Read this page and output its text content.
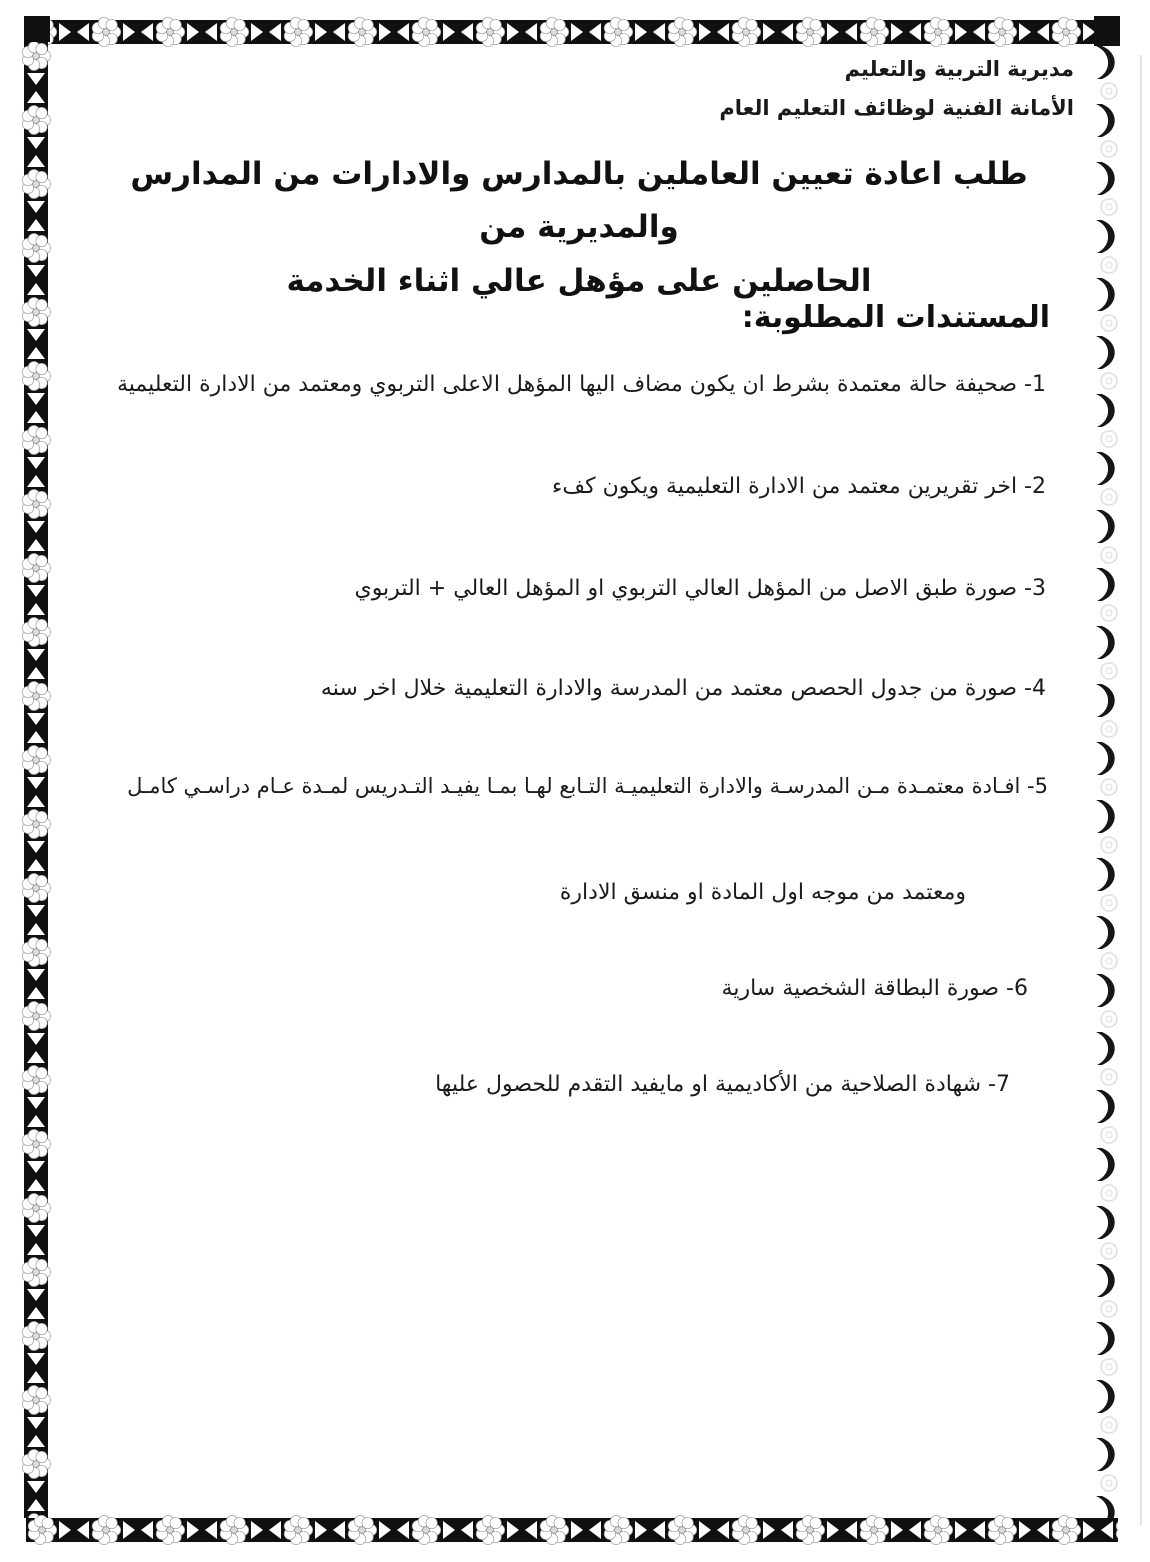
مديرية التربية والتعليم
الأمانة الفنية لوظائف التعليم العام
طلب اعادة تعيين العاملين بالمدارس والادارات من المدارس والمديرية من
الحاصلين على مؤهل عالي اثناء الخدمة
المستندات المطلوبة:
1- صحيفة حالة معتمدة بشرط ان يكون مضاف اليها المؤهل الاعلى التربوي ومعتمد من الادارة التعليمية
2- اخر تقريرين معتمد من الادارة التعليمية ويكون كفء
3- صورة طبق الاصل من المؤهل العالي التربوي او المؤهل العالي + التربوي
4- صورة من جدول الحصص معتمد من المدرسة والادارة التعليمية خلال اخر سنه
5- افـادة معتمـدة مـن المدرسـة والادارة التعليميـة التـابع لهـا بمـا يفيـد التـدريس لمـدة عـام دراسـي كامـل
ومعتمد من موجه اول المادة او منسق الادارة
6- صورة البطاقة الشخصية سارية
7- شهادة الصلاحية من الأكاديمية او مايفيد التقدم للحصول عليها
